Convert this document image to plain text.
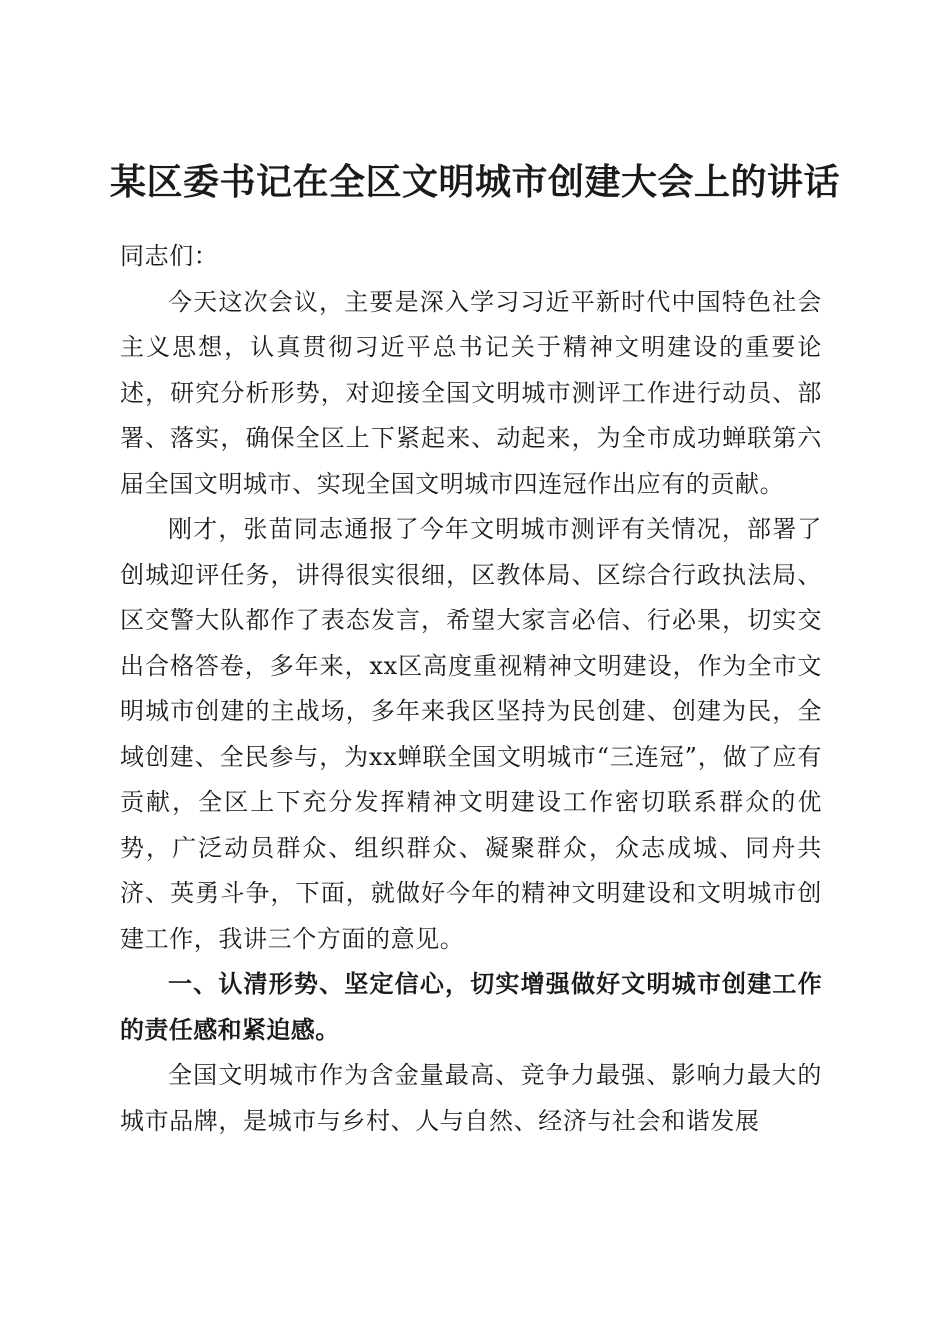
某区委书记在全区文明城市创建大会上的讲话

同志们：

今天这次会议，主要是深入学习习近平新时代中国特色社会主义思想，认真贯彻习近平总书记关于精神文明建设的重要论述，研究分析形势，对迎接全国文明城市测评工作进行动员、部署、落实，确保全区上下紧起来、动起来，为全市成功蝉联第六届全国文明城市、实现全国文明城市四连冠作出应有的贡献。

刚才，张苗同志通报了今年文明城市测评有关情况，部署了创城迎评任务，讲得很实很细，区教体局、区综合行政执法局、区交警大队都作了表态发言，希望大家言必信、行必果，切实交出合格答卷，多年来，xx区高度重视精神文明建设，作为全市文明城市创建的主战场，多年来我区坚持为民创建、创建为民，全域创建、全民参与，为xx蝉联全国文明城市“三连冠”，做了应有贡献，全区上下充分发挥精神文明建设工作密切联系群众的优势，广泛动员群众、组织群众、凝聚群众，众志成城、同舟共济、英勇斗争，下面，就做好今年的精神文明建设和文明城市创建工作，我讲三个方面的意见。

一、认清形势、坚定信心，切实增强做好文明城市创建工作的责任感和紧迫感。

全国文明城市作为含金量最高、竞争力最强、影响力最大的城市品牌，是城市与乡村、人与自然、经济与社会和谐发展
